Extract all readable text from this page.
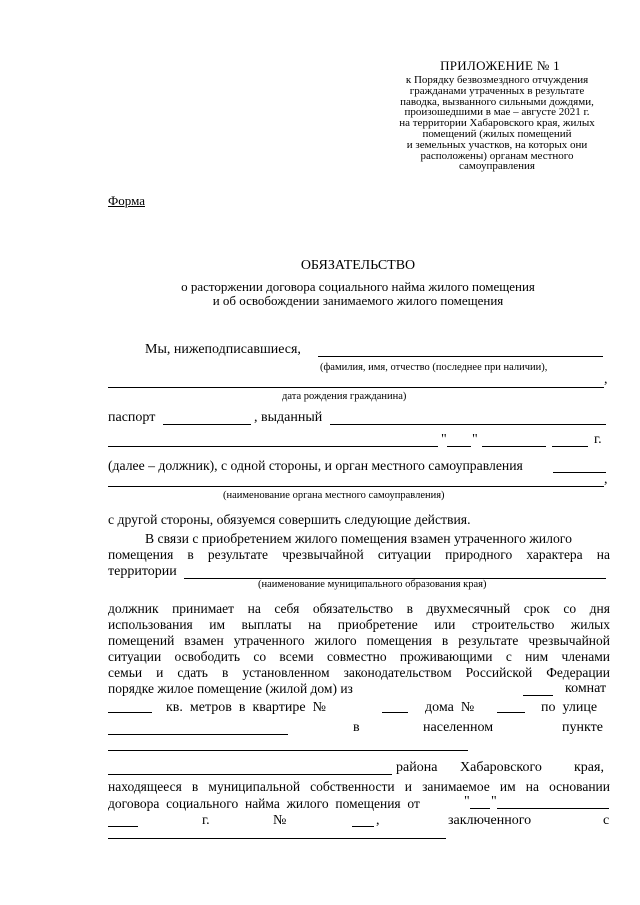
ПРИЛОЖЕНИЕ № 1
к Порядку безвозмездного отчуждения
гражданами утраченных в результате
паводка, вызванного сильными дождями,
произошедшими в мае – августе 2021 г.
на территории Хабаровского края, жилых
помещений (жилых помещений
и земельных участков, на которых они
расположены) органам местного
самоуправления
Форма
ОБЯЗАТЕЛЬСТВО
о расторжении договора социального найма жилого помещения
и об освобождении занимаемого жилого помещения
Мы, нижеподписавшиеся,
(фамилия, имя, отчество (последнее при наличии),
,
дата рождения гражданина)
паспорт	, выданный
" "	г.
(далее – должник), с одной стороны, и орган местного самоуправления
,
(наименование органа местного самоуправления)
с другой стороны, обязуемся совершить следующие действия.
В связи с приобретением жилого помещения взамен утраченного жилого
помещения в результате чрезвычайной ситуации природного характера на
территории
(наименование муниципального образования края)
должник принимает на себя обязательство в двухмесячный срок со дня
использования им выплаты на приобретение или строительство жилых
помещений взамен утраченного жилого помещения в результате чрезвычайной
ситуации освободить со всеми совместно проживающими с ним членами
семьи и сдать в установленном законодательством Российской Федерации
порядке жилое помещение (жилой дом) из	комнат
кв.  метров  в  квартире  №	дома  №	по  улице
в	населенном	пункте
района Хабаровского края,
находящееся в муниципальной собственности и занимаемое им на основании
договора  социального  найма  жилого  помещения  от	" "
г.	№	,	заключенного	с
